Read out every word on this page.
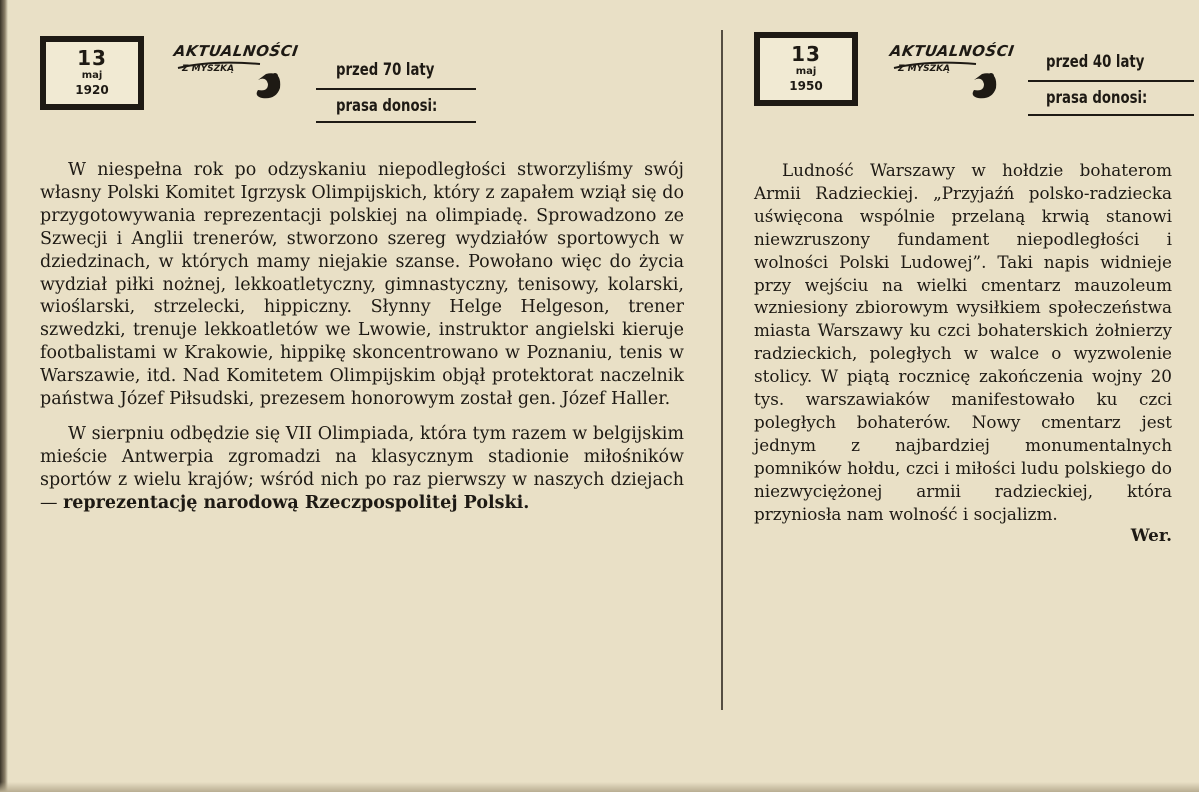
13
maj
1920
AKTUALNOŚCI
Z MYSZKĄ	przed 70 laty
prasa donosi:

W niespełna rok po odzyskaniu niepodległości stworzyliśmy swój własny Polski Komitet Igrzysk Olimpijskich, który z zapałem wziął się do przygotowywania reprezentacji polskiej na olimpiadę. Sprowadzono ze Szwecji i Anglii trenerów, stworzono szereg wydziałów sportowych w dziedzinach, w których mamy niejakie szanse. Powołano więc do życia wydział piłki nożnej, lekkoatletyczny, gimnastyczny, tenisowy, kolarski, wioślarski, strzelecki, hippiczny. Słynny Helge Helgeson, trener szwedzki, trenuje lekkoatletów we Lwowie, instruktor angielski kieruje footbalistami w Krakowie, hippikę skoncentrowano w Poznaniu, tenis w Warszawie, itd. Nad Komitetem Olimpijskim objął protektorat naczelnik państwa Józef Piłsudski, prezesem honorowym został gen. Józef Haller.

W sierpniu odbędzie się VII Olimpiada, która tym razem w belgijskim mieście Antwerpia zgromadzi na klasycznym stadionie miłośników sportów z wielu krajów; wśród nich po raz pierwszy w naszych dziejach — reprezentację narodową Rzeczpospolitej Polski.

13
maj
1950
AKTUALNOŚCI
Z MYSZKĄ	przed 40 laty
prasa donosi:

Ludność Warszawy w hołdzie bohaterom Armii Radzieckiej. „Przyjaźń polsko-radziecka uświęcona wspólnie przelaną krwią stanowi niewzruszony fundament niepodległości i wolności Polski Ludowej”. Taki napis widnieje przy wejściu na wielki cmentarz mauzoleum wzniesiony zbiorowym wysiłkiem społeczeństwa miasta Warszawy ku czci bohaterskich żołnierzy radzieckich, poległych w walce o wyzwolenie stolicy. W piątą rocznicę zakończenia wojny 20 tys. warszawiaków manifestowało ku czci poległych bohaterów. Nowy cmentarz jest jednym z najbardziej monumentalnych pomników hołdu, czci i miłości ludu polskiego do niezwyciężonej armii radzieckiej, która przyniosła nam wolność i socjalizm.

Wer.
